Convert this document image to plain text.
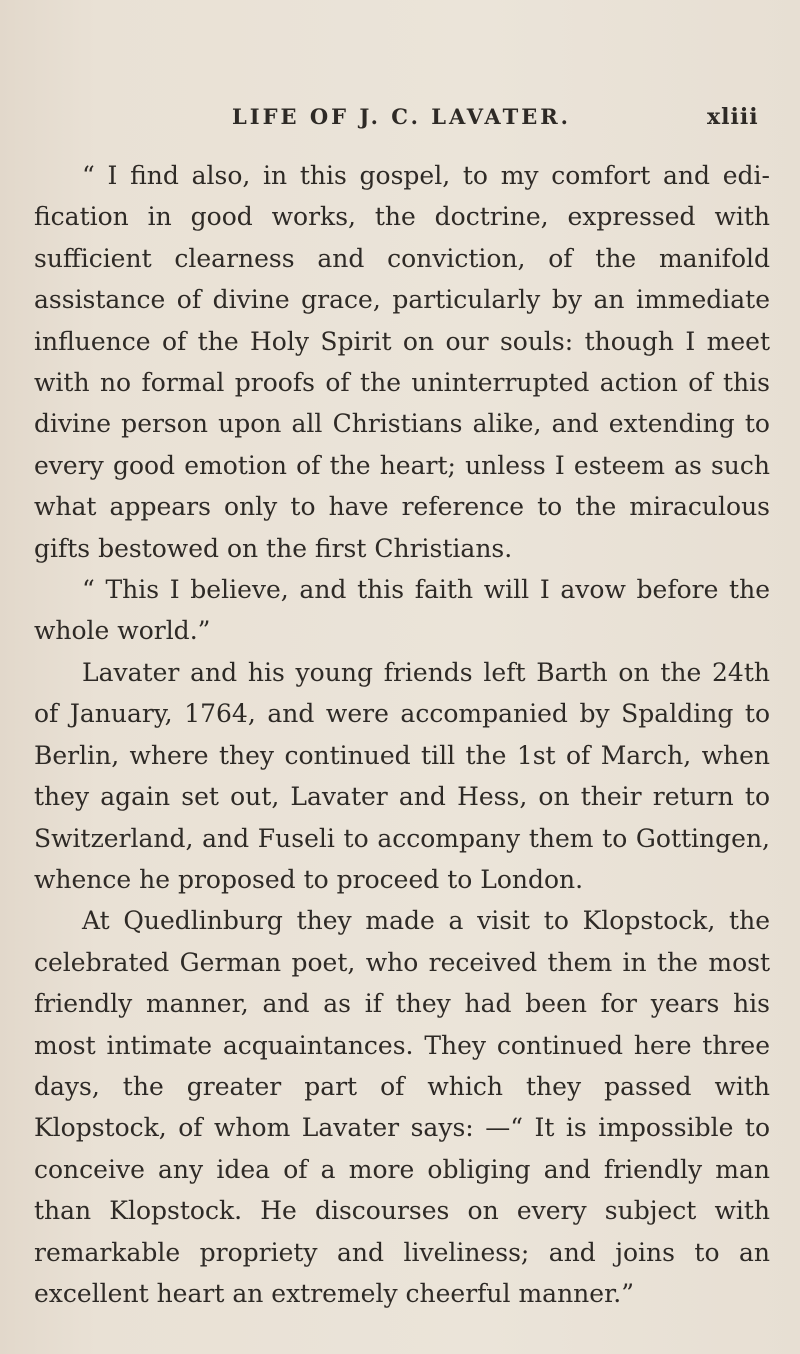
LIFE OF J. C. LAVATER.	xliii

“ I find also, in this gospel, to my comfort and edification in good works, the doctrine, expressed with sufficient clearness and conviction, of the manifold assistance of divine grace, particularly by an immediate influence of the Holy Spirit on our souls: though I meet with no formal proofs of the uninterrupted action of this divine person upon all Christians alike, and extending to every good emotion of the heart; unless I esteem as such what appears only to have reference to the miraculous gifts bestowed on the first Christians.

“ This I believe, and this faith will I avow before the whole world.”

Lavater and his young friends left Barth on the 24th of January, 1764, and were accompanied by Spalding to Berlin, where they continued till the 1st of March, when they again set out, Lavater and Hess, on their return to Switzerland, and Fuseli to accompany them to Gottingen, whence he proposed to proceed to London.

At Quedlinburg they made a visit to Klopstock, the celebrated German poet, who received them in the most friendly manner, and as if they had been for years his most intimate acquaintances. They continued here three days, the greater part of which they passed with Klopstock, of whom Lavater says: —“ It is impossible to conceive any idea of a more obliging and friendly man than Klopstock. He discourses on every subject with remarkable propriety and liveliness; and joins to an excellent heart an extremely cheerful manner.”
